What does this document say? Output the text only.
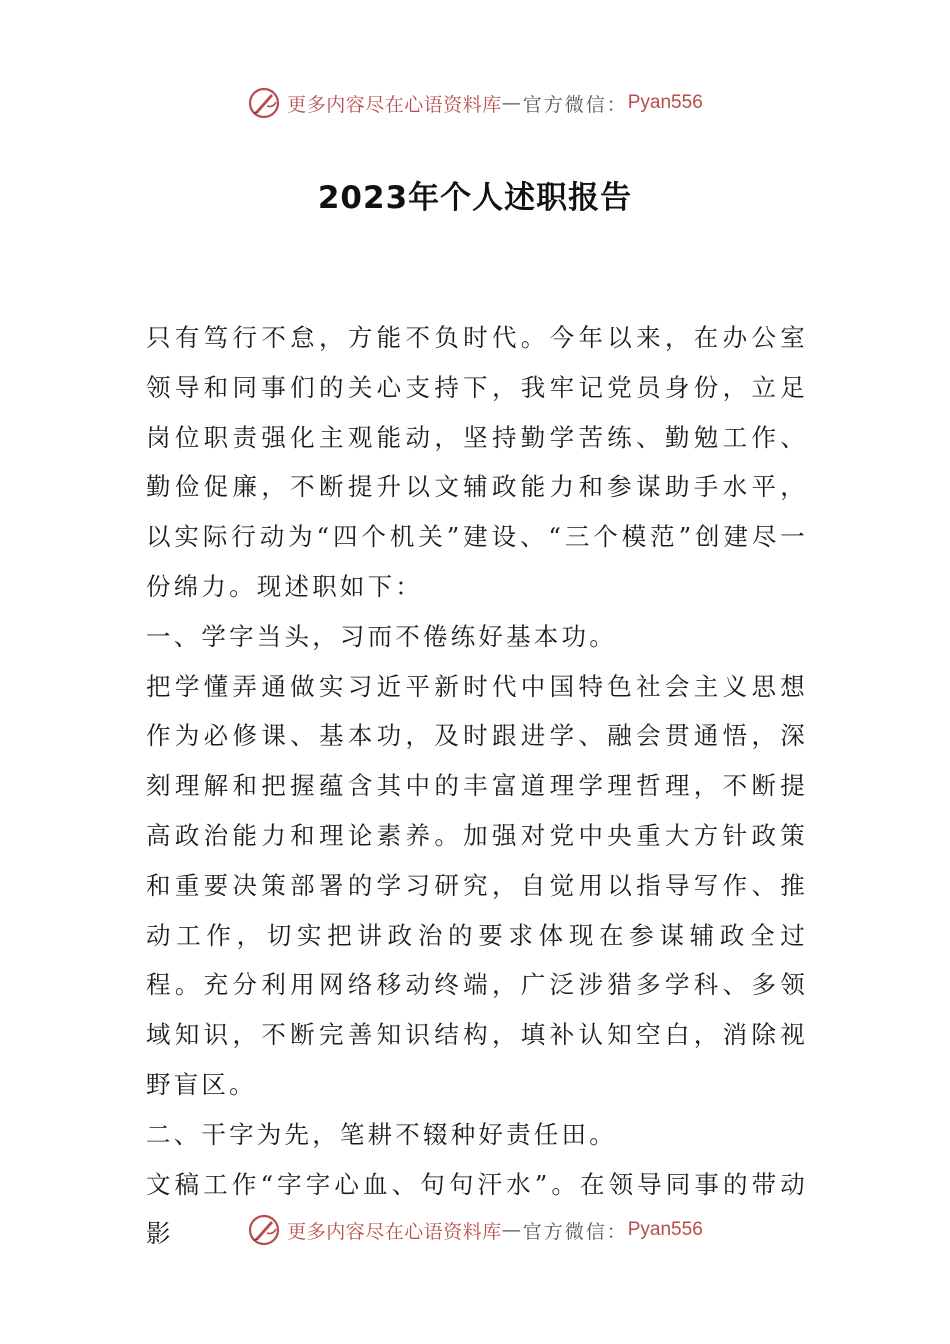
更多内容尽在心语资料库 — 官方微信： Pyan556
2023年个人述职报告

只有笃行不怠，方能不负时代。今年以来，在办公室领导和同事们的关心支持下，我牢记党员身份，立足岗位职责强化主观能动，坚持勤学苦练、勤勉工作、勤俭促廉，不断提升以文辅政能力和参谋助手水平，以实际行动为“四个机关”建设、“三个模范”创建尽一份绵力。现述职如下：

一、学字当头，习而不倦练好基本功。

把学懂弄通做实习近平新时代中国特色社会主义思想作为必修课、基本功，及时跟进学、融会贯通悟，深刻理解和把握蕴含其中的丰富道理学理哲理，不断提高政治能力和理论素养。加强对党中央重大方针政策和重要决策部署的学习研究，自觉用以指导写作、推动工作，切实把讲政治的要求体现在参谋辅政全过程。充分利用网络移动终端，广泛涉猎多学科、多领域知识，不断完善知识结构，填补认知空白，消除视野盲区。

二、干字为先，笔耕不辍种好责任田。

文稿工作“字字心血、句句汗水”。在领导同事的带动影	更多内容尽在心语资料库 — 官方微信： Pyan556
